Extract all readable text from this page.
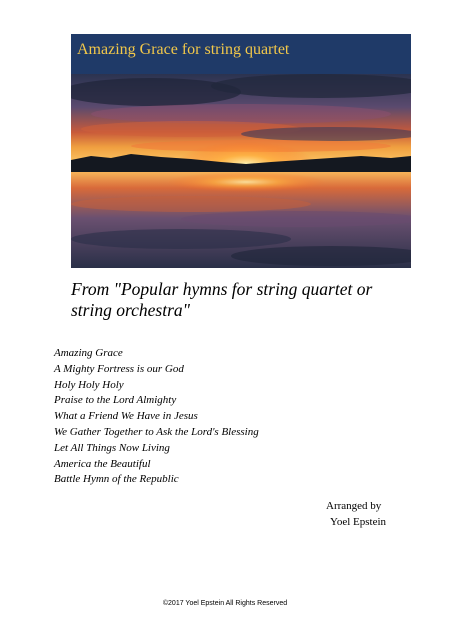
Amazing Grace for string quartet
From "Popular hymns for string quartet or string orchestra"
Amazing Grace
A Mighty Fortress is our God
Holy Holy Holy
Praise to the Lord Almighty
What a Friend We Have in Jesus
We Gather Together to Ask the Lord's Blessing
Let All Things Now Living
America the Beautiful
Battle Hymn of the Republic
Arranged by
Yoel Epstein
©2017 Yoel Epstein All Rights Reserved
